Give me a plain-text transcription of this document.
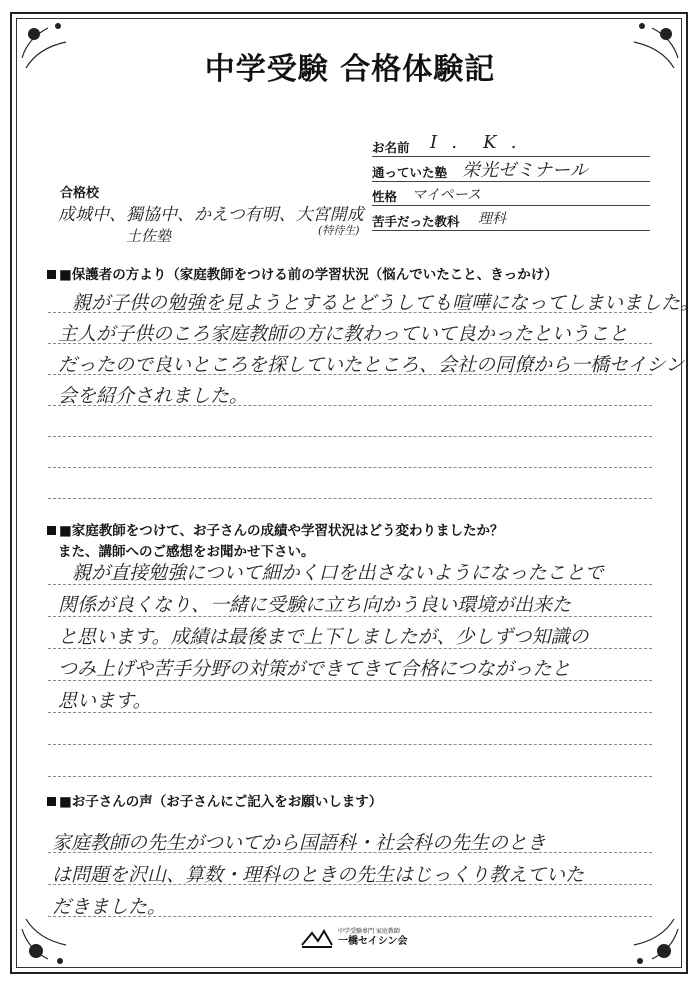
中学受験 合格体験記
お名前 I．K．
通っていた塾 栄光ゼミナール
性格 マイペース
苦手だった教科 理科
合格校
成城中、獨協中、かえつ有明、大宮開成
(特待生)
土佐塾
■保護者の方より（家庭教師をつける前の学習状況（悩んでいたこと、きっかけ）
親が子供の勉強を見ようとするとどうしても喧嘩になってしまいました。
主人が子供のころ家庭教師の方に教わっていて良かったということ
だったので良いところを探していたところ、会社の同僚から一橋セイシン
会を紹介されました。
■家庭教師をつけて、お子さんの成績や学習状況はどう変わりましたか？
また、講師へのご感想をお聞かせ下さい。
親が直接勉強について細かく口を出さないようになったことで
関係が良くなり、一緒に受験に立ち向かう良い環境が出来た
と思います。成績は最後まで上下しましたが、少しずつ知識の
つみ上げや苦手分野の対策ができてきて合格につながったと
思います。
■お子さんの声（お子さんにご記入をお願いします）
家庭教師の先生がついてから国語科・社会科の先生のとき
は問題を沢山、算数・理科のときの先生はじっくり教えていた
だきました。
中学受験専門 家庭教師
一橋セイシン会
